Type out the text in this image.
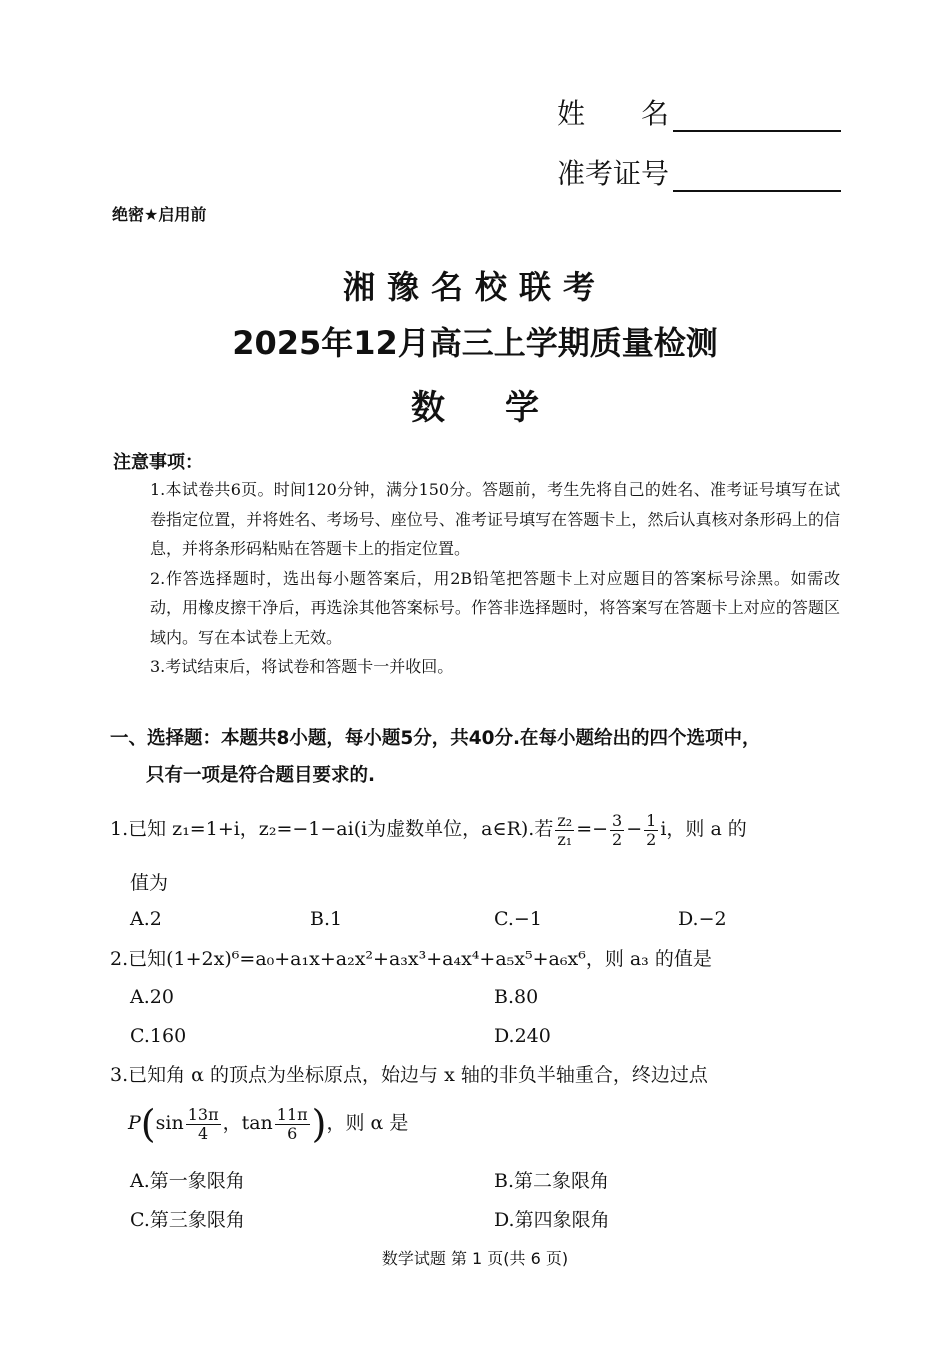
姓　　名
准考证号
绝密★启用前
湘豫名校联考
2025年12月高三上学期质量检测
数学
注意事项：

1.本试卷共6页。时间120分钟，满分150分。答题前，考生先将自己的姓名、准考证号填写在试卷指定位置，并将姓名、考场号、座位号、准考证号填写在答题卡上，然后认真核对条形码上的信息，并将条形码粘贴在答题卡上的指定位置。

2.作答选择题时，选出每小题答案后，用2B铅笔把答题卡上对应题目的答案标号涂黑。如需改动，用橡皮擦干净后，再选涂其他答案标号。作答非选择题时，将答案写在答题卡上对应的答题区域内。写在本试卷上无效。

3.考试结束后，将试卷和答题卡一并收回。

一、选择题：本题共8小题，每小题5分，共40分.在每小题给出的四个选项中，
只有一项是符合题目要求的.
1.已知 z₁=1+i，z₂=−1−ai(i为虚数单位，a∈R).若 $\frac{\text{z₂}}{\text{z₁}} =- \frac{3}{2} - \frac{1}{2}$ i，则 a 的
值为
A.2	B.1	C.−1	D.−2
2.已知(1+2x)⁶=a₀+a₁x+a₂x²+a₃x³+a₄x⁴+a₅x⁵+a₆x⁶，则 a₃ 的值是
A.20	B.80
C.160	D.240
3.已知角 α 的顶点为坐标原点，始边与 x 轴的非负半轴重合，终边过点
$P(\sin \frac{13\pi}{4}$ ，$\tan \frac{11\pi}{6}$ )，则 α 是
A.第一象限角	B.第二象限角
C.第三象限角	D.第四象限角
数学试题 第 1 页(共 6 页)
